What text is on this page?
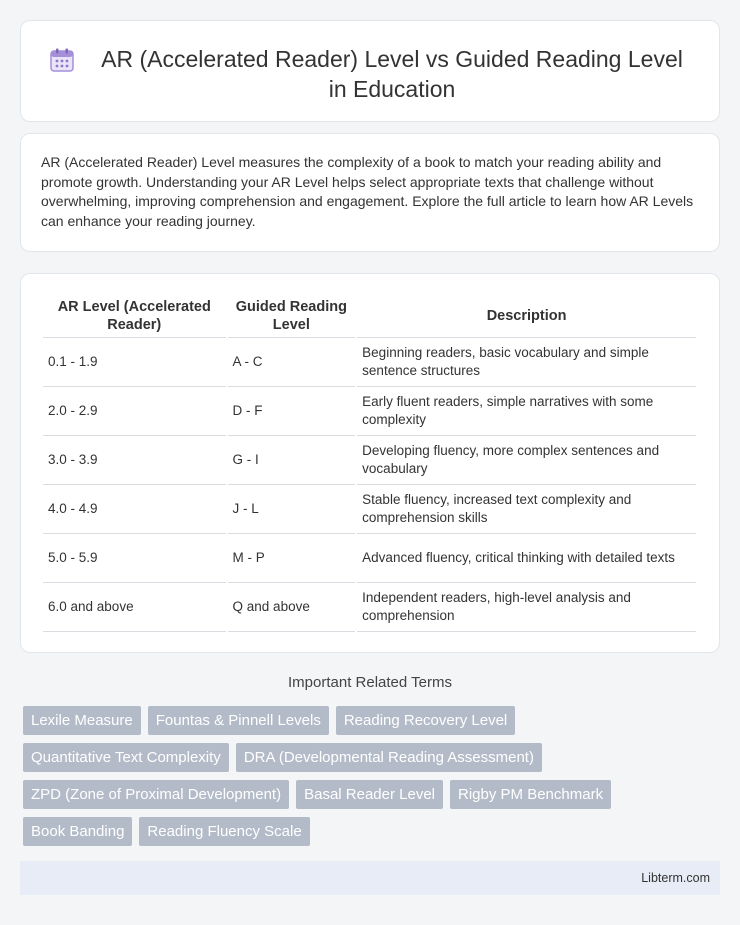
AR (Accelerated Reader) Level vs Guided Reading Level in Education

AR (Accelerated Reader) Level measures the complexity of a book to match your reading ability and promote growth. Understanding your AR Level helps select appropriate texts that challenge without overwhelming, improving comprehension and engagement. Explore the full article to learn how AR Levels can enhance your reading journey.

AR Level (Accelerated Reader)	Guided Reading Level	Description
0.1 - 1.9	A - C	Beginning readers, basic vocabulary and simple sentence structures
2.0 - 2.9	D - F	Early fluent readers, simple narratives with some complexity
3.0 - 3.9	G - I	Developing fluency, more complex sentences and vocabulary
4.0 - 4.9	J - L	Stable fluency, increased text complexity and comprehension skills
5.0 - 5.9	M - P	Advanced fluency, critical thinking with detailed texts
6.0 and above	Q and above	Independent readers, high-level analysis and comprehension
Important Related Terms
Lexile Measure	Fountas & Pinnell Levels	Reading Recovery Level
Quantitative Text Complexity	DRA (Developmental Reading Assessment)
ZPD (Zone of Proximal Development)	Basal Reader Level	Rigby PM Benchmark
Book Banding	Reading Fluency Scale
Libterm.com
